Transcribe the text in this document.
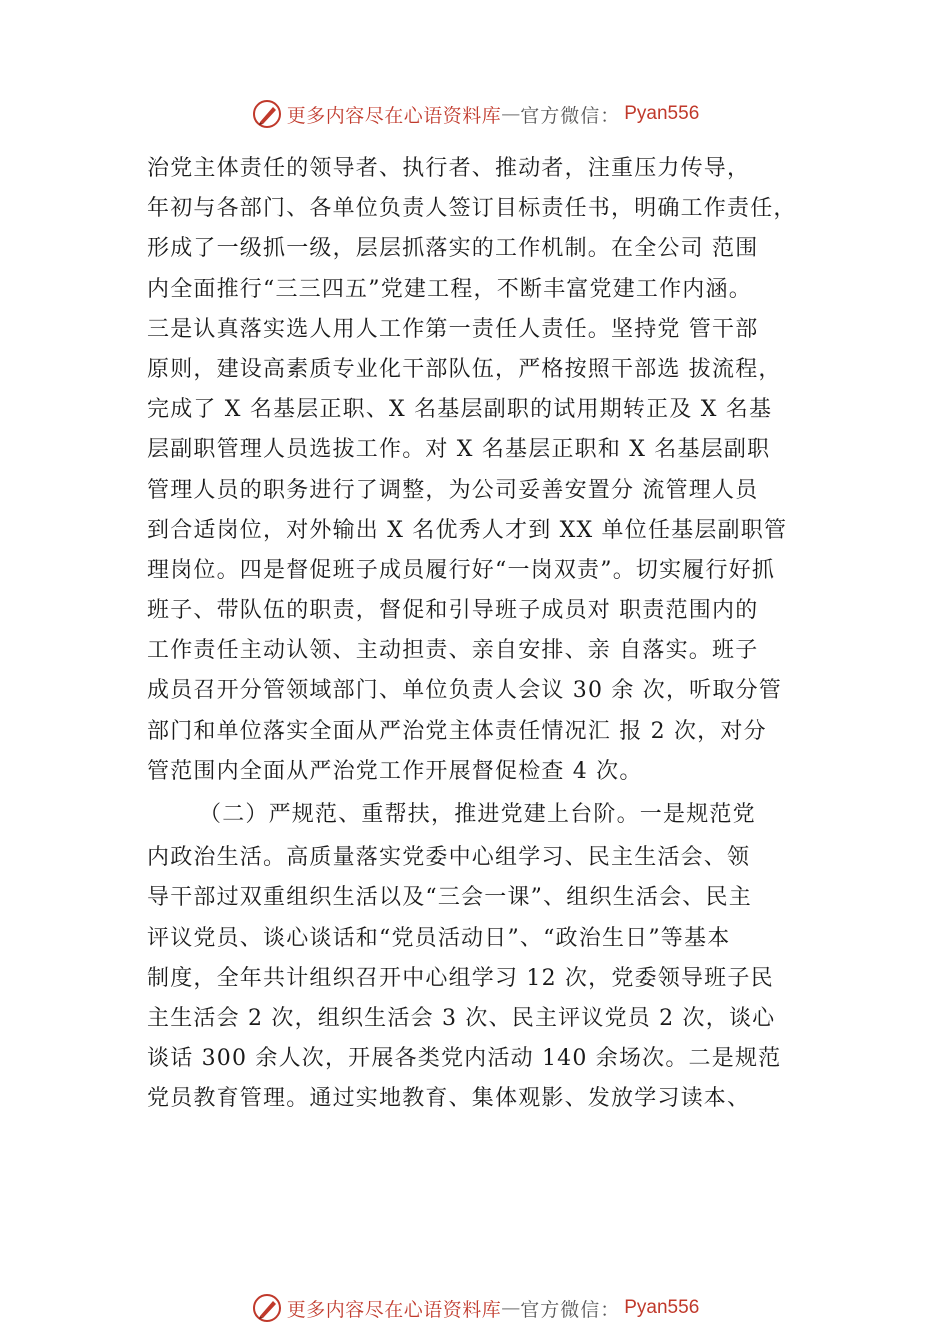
更多内容尽在心语资料库 — 官方微信： Pyan556
治党主体责任的领导者、执行者、推动者，注重压力传导，
年初与各部门、各单位负责人签订目标责任书，明确工作责任，
形成了一级抓一级，层层抓落实的工作机制。在全公司 范围
内全面推行“三三四五”党建工程，不断丰富党建工作内涵。
三是认真落实选人用人工作第一责任人责任。坚持党 管干部
原则，建设高素质专业化干部队伍，严格按照干部选 拔流程，
完成了 X 名基层正职、X 名基层副职的试用期转正及 X 名基
层副职管理人员选拔工作。对 X 名基层正职和 X 名基层副职
管理人员的职务进行了调整，为公司妥善安置分 流管理人员
到合适岗位，对外输出 X 名优秀人才到 XX 单位任基层副职管
理岗位。四是督促班子成员履行好“一岗双责”。切实履行好抓
班子、带队伍的职责，督促和引导班子成员对 职责范围内的
工作责任主动认领、主动担责、亲自安排、亲 自落实。班子
成员召开分管领域部门、单位负责人会议 30 余 次，听取分管
部门和单位落实全面从严治党主体责任情况汇 报 2 次，对分
管范围内全面从严治党工作开展督促检查 4 次。
（二）严规范、重帮扶，推进党建上台阶。一是规范党
内政治生活。高质量落实党委中心组学习、民主生活会、领
导干部过双重组织生活以及“三会一课”、组织生活会、民主
评议党员、谈心谈话和“党员活动日”、“政治生日”等基本
制度，全年共计组织召开中心组学习 12 次，党委领导班子民
主生活会 2 次，组织生活会 3 次、民主评议党员 2 次，谈心
谈话 300 余人次，开展各类党内活动 140 余场次。二是规范
党员教育管理。通过实地教育、集体观影、发放学习读本、
更多内容尽在心语资料库 — 官方微信： Pyan556
